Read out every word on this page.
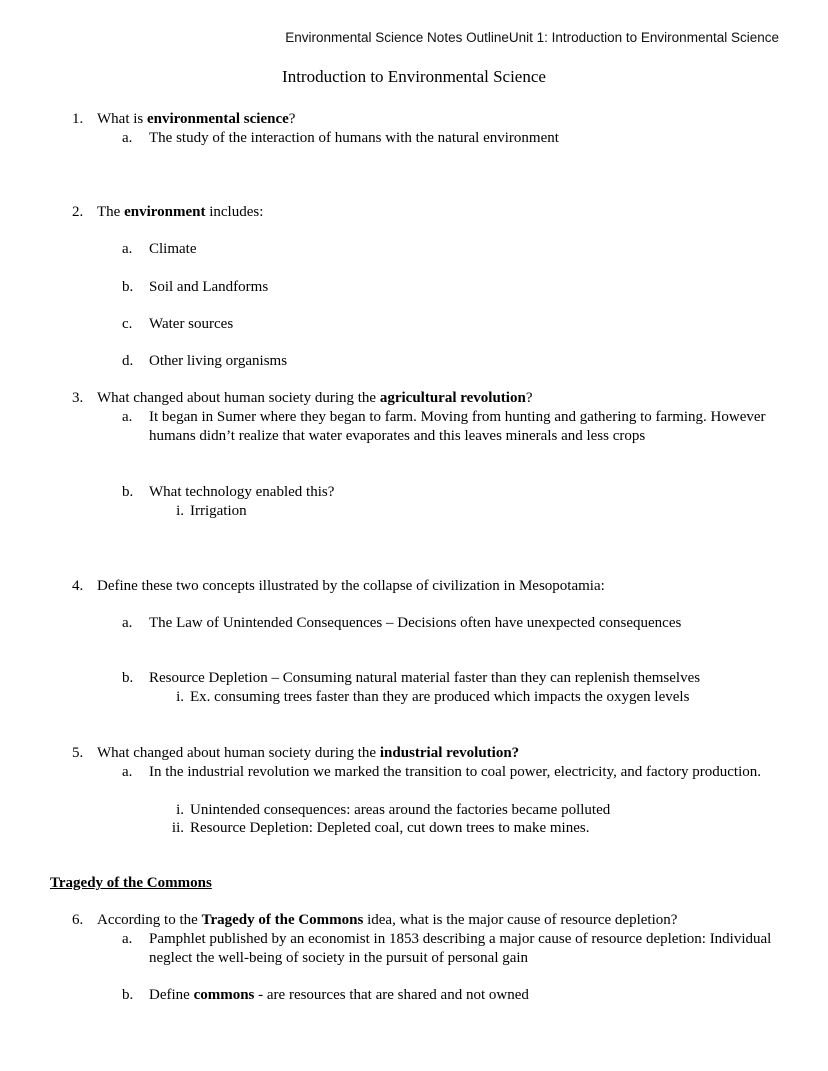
Environmental Science Notes OutlineUnit 1: Introduction to Environmental Science
Introduction to Environmental Science
1. What is environmental science?
a. The study of the interaction of humans with the natural environment
2. The environment includes:
a. Climate
b. Soil and Landforms
c. Water sources
d. Other living organisms
3. What changed about human society during the agricultural revolution?
a. It began in Sumer where they began to farm. Moving from hunting and gathering to farming. However humans didn’t realize that water evaporates and this leaves minerals and less crops
b. What technology enabled this?
i. Irrigation
4. Define these two concepts illustrated by the collapse of civilization in Mesopotamia:
a. The Law of Unintended Consequences – Decisions often have unexpected consequences
b. Resource Depletion – Consuming natural material faster than they can replenish themselves
i. Ex. consuming trees faster than they are produced which impacts the oxygen levels
5. What changed about human society during the industrial revolution?
a. In the industrial revolution we marked the transition to coal power, electricity, and factory production.
i. Unintended consequences: areas around the factories became polluted
ii. Resource Depletion: Depleted coal, cut down trees to make mines.
Tragedy of the Commons
6. According to the Tragedy of the Commons idea, what is the major cause of resource depletion?
a. Pamphlet published by an economist in 1853 describing a major cause of resource depletion: Individual neglect the well-being of society in the pursuit of personal gain
b. Define commons - are resources that are shared and not owned
